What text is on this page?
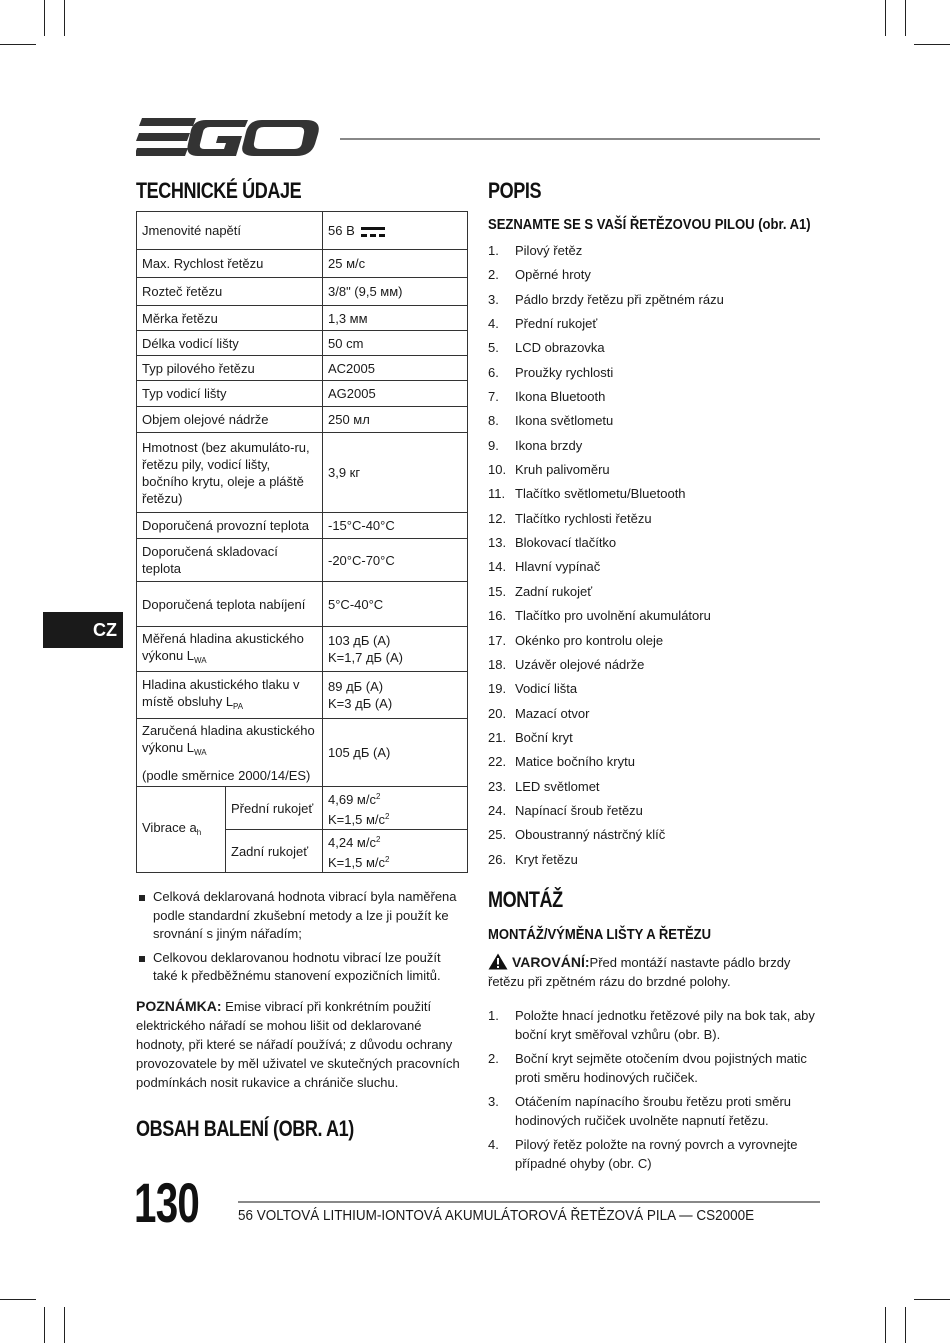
TECHNICKÉ ÚDAJE
Jmenovité napětí		56 B

Max. Rychlost řetězu		25 м/с
Rozteč řetězu		3/8" (9,5 мм)
Měrka řetězu		1,3 мм
Délka vodicí lišty		50 cm
Typ pilového řetězu		AC2005
Typ vodicí lišty		AG2005
Objem olejové nádrže		250 мл
Hmotnost (bez akumuláto-ru, řetězu pily, vodicí lišty, bočního krytu, oleje a pláště řetězu)		3,9 кг
Doporučená provozní teplota		-15°C-40°C
Doporučená skladovací teplota		-20°C-70°C
Doporučená teplota nabíjení		5°C-40°C
Měřená hladina akustického výkonu $L_{WA}$		103 дБ (A)
K=1,7 дБ (A)
Hladina akustického tlaku v místě obsluhy $L_{PA}$		89 дБ (A)
K=3 дБ (A)
Zaručená hladina akustického výkonu $L_{WA}$
(podle směrnice 2000/14/ES)		105 дБ (A)
Vibrace $a_h$	Přední rukojeť	4,69 $м/с^2$
K=1,5 $м/с^2$
	Zadní rukojeť	4,24 $м/с^2$
K=1,5 $м/с^2$
Celková deklarovaná hodnota vibrací byla naměřena podle standardní zkušební metody a lze ji použít ke srovnání s jiným nářadím;
Celkovou deklarovanou hodnotu vibrací lze použít také k předběžnému stanovení expozičních limitů.

POZNÁMKA: Emise vibrací při konkrétním použití elektrického nářadí se mohou lišit od deklarované hodnoty, při které se nářadí používá; z důvodu ochrany provozovatele by měl uživatel ve skutečných pracovních podmínkách nosit rukavice a chrániče sluchu.

OBSAH BALENÍ (OBR. A1)
CZ
POPIS
SEZNAMTE SE S VAŠÍ ŘETĚZOVOU PILOU (obr. A1)
1. Pilový řetěz
2. Opěrné hroty
3. Pádlo brzdy řetězu při zpětném rázu
4. Přední rukojeť
5. LCD obrazovka
6. Proužky rychlosti
7. Ikona Bluetooth
8. Ikona světlometu
9. Ikona brzdy
10. Kruh palivoměru
11. Tlačítko světlometu/Bluetooth
12. Tlačítko rychlosti řetězu
13. Blokovací tlačítko
14. Hlavní vypínač
15. Zadní rukojeť
16. Tlačítko pro uvolnění akumulátoru
17. Okénko pro kontrolu oleje
18. Uzávěr olejové nádrže
19. Vodicí lišta
20. Mazací otvor
21. Boční kryt
22. Matice bočního krytu
23. LED světlomet
24. Napínací šroub řetězu
25. Oboustranný nástrčný klíč
26. Kryt řetězu
MONTÁŽ
MONTÁŽ/VÝMĚNA LIŠTY A ŘETĚZU

VAROVÁNÍ:Před montáží nastavte pádlo brzdy řetězu při zpětném rázu do brzdné polohy.

1. Položte hnací jednotku řetězové pily na bok tak, aby boční kryt směřoval vzhůru (obr. B).
2. Boční kryt sejměte otočením dvou pojistných matic proti směru hodinových ručiček.
3. Otáčením napínacího šroubu řetězu proti směru hodinových ručiček uvolněte napnutí řetězu.
4. Pilový řetěz položte na rovný povrch a vyrovnejte případné ohyby (obr. C)

130	56 VOLTOVÁ LITHIUM-IONTOVÁ AKUMULÁTOROVÁ ŘETĚZOVÁ PILA — CS2000E
